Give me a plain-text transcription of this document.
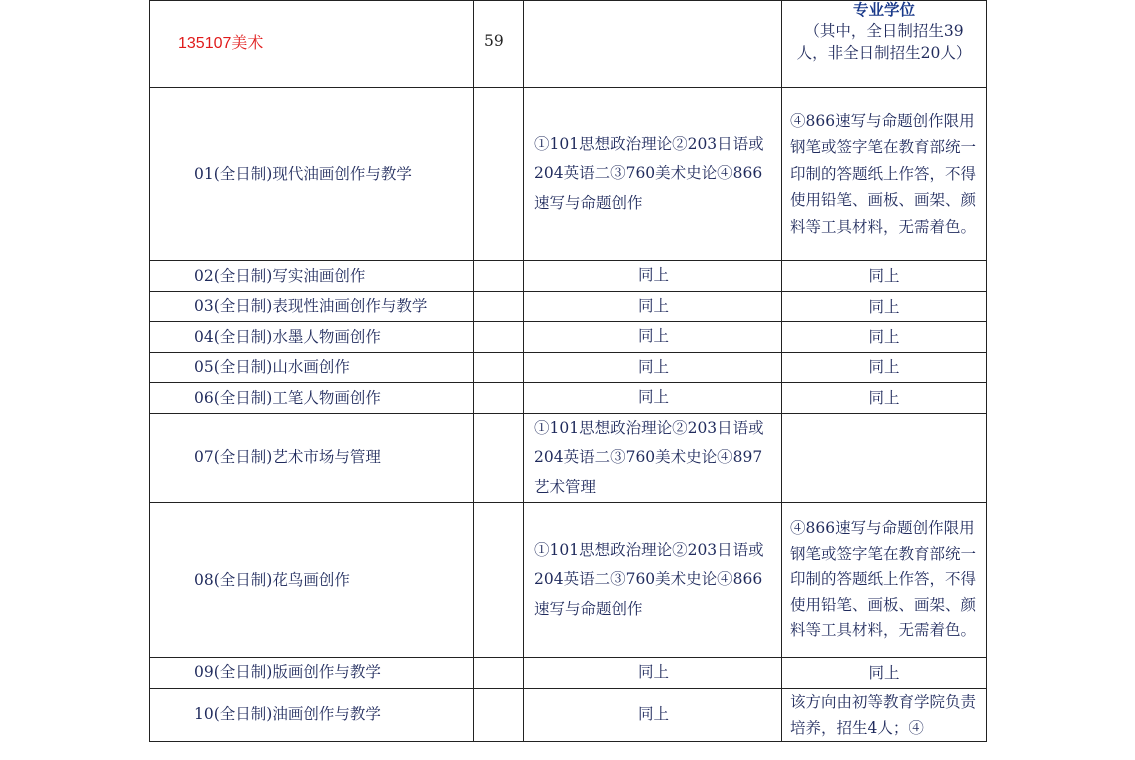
135107美术	59		专业学位
（其中，全日制招生39人，非全日制招生20人）

01(全日制)现代油画创作与教学		①101思想政治理论②203日语或204英语二③760美术史论④866速写与命题创作	④866速写与命题创作限用钢笔或签字笔在教育部统一印制的答题纸上作答，不得使用铅笔、画板、画架、颜料等工具材料，无需着色。
02(全日制)写实油画创作		同上	同上
03(全日制)表现性油画创作与教学		同上	同上
04(全日制)水墨人物画创作		同上	同上
05(全日制)山水画创作		同上	同上
06(全日制)工笔人物画创作		同上	同上
07(全日制)艺术市场与管理		①101思想政治理论②203日语或204英语二③760美术史论④897艺术管理	
08(全日制)花鸟画创作		①101思想政治理论②203日语或204英语二③760美术史论④866速写与命题创作	④866速写与命题创作限用钢笔或签字笔在教育部统一印制的答题纸上作答，不得使用铅笔、画板、画架、颜料等工具材料，无需着色。
09(全日制)版画创作与教学		同上	同上
10(全日制)油画创作与教学		同上	该方向由初等教育学院负责培养，招生4人；④
